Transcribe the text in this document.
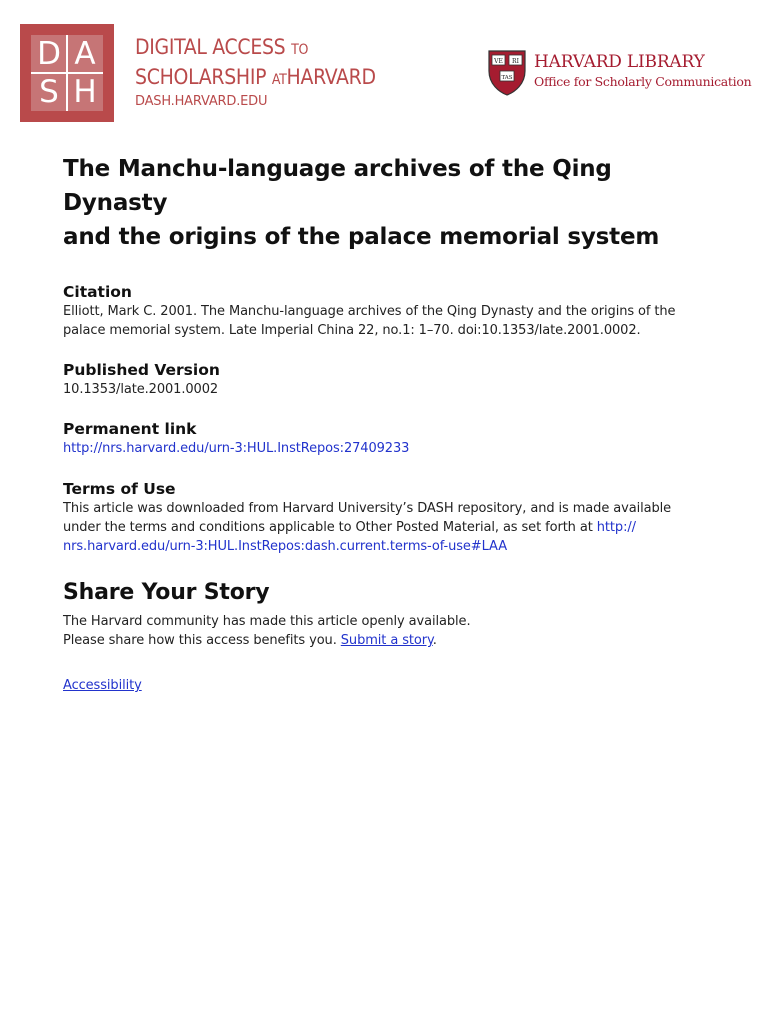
D A
S H
DIGITAL ACCESS TO
SCHOLARSHIP ATHARVARD
DASH.HARVARD.EDU
VE RI
TAS
HARVARD LIBRARY
Office for Scholarly Communication
The Manchu-language archives of the Qing Dynasty
and the origins of the palace memorial system
Citation

Elliott, Mark C. 2001. The Manchu-language archives of the Qing Dynasty and the origins of the
palace memorial system. Late Imperial China 22, no.1: 1–70. doi:10.1353/late.2001.0002.

Published Version

10.1353/late.2001.0002

Permanent link

http://nrs.harvard.edu/urn-3:HUL.InstRepos:27409233

Terms of Use

This article was downloaded from Harvard University’s DASH repository, and is made available
under the terms and conditions applicable to Other Posted Material, as set forth at http://
nrs.harvard.edu/urn-3:HUL.InstRepos:dash.current.terms-of-use#LAA

Share Your Story

The Harvard community has made this article openly available.
Please share how this access benefits you. Submit a story.

Accessibility
